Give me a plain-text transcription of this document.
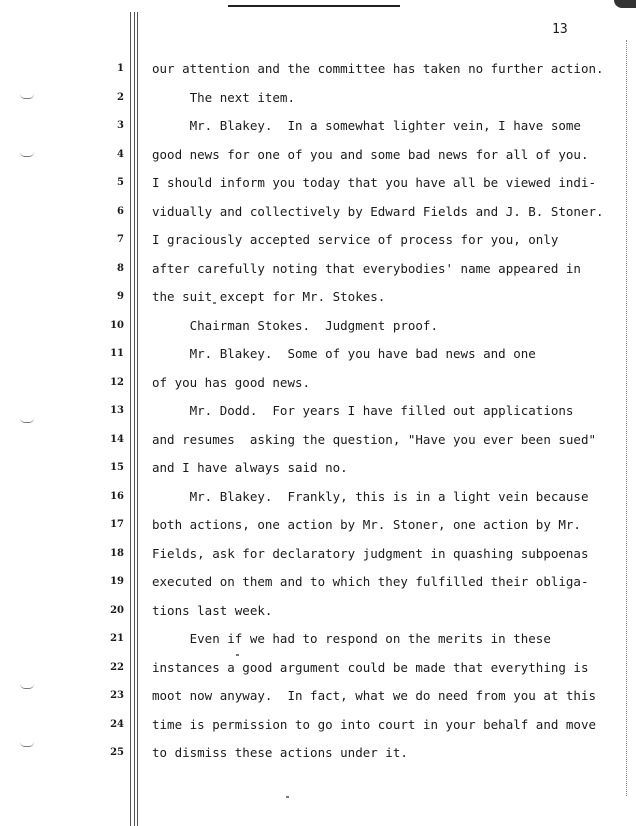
13
1 our attention and the committee has taken no further action.
2 The next item.
3 Mr. Blakey.  In a somewhat lighter vein, I have some
4 good news for one of you and some bad news for all of you.
5 I should inform you today that you have all be viewed indi-
6 vidually and collectively by Edward Fields and J. B. Stoner.
7 I graciously accepted service of process for you, only
8 after carefully noting that everybodies' name appeared in
9 the suit except for Mr. Stokes.
10 Chairman Stokes.  Judgment proof.
11 Mr. Blakey.  Some of you have bad news and one
12 of you has good news.
13 Mr. Dodd.  For years I have filled out applications
14 and resumes  asking the question, "Have you ever been sued"
15 and I have always said no.
16 Mr. Blakey.  Frankly, this is in a light vein because
17 both actions, one action by Mr. Stoner, one action by Mr.
18 Fields, ask for declaratory judgment in quashing subpoenas
19 executed on them and to which they fulfilled their obliga-
20 tions last week.
21 Even if we had to respond on the merits in these
22 instances a good argument could be made that everything is
23 moot now anyway.  In fact, what we do need from you at this
24 time is permission to go into court in your behalf and move
25 to dismiss these actions under it.
